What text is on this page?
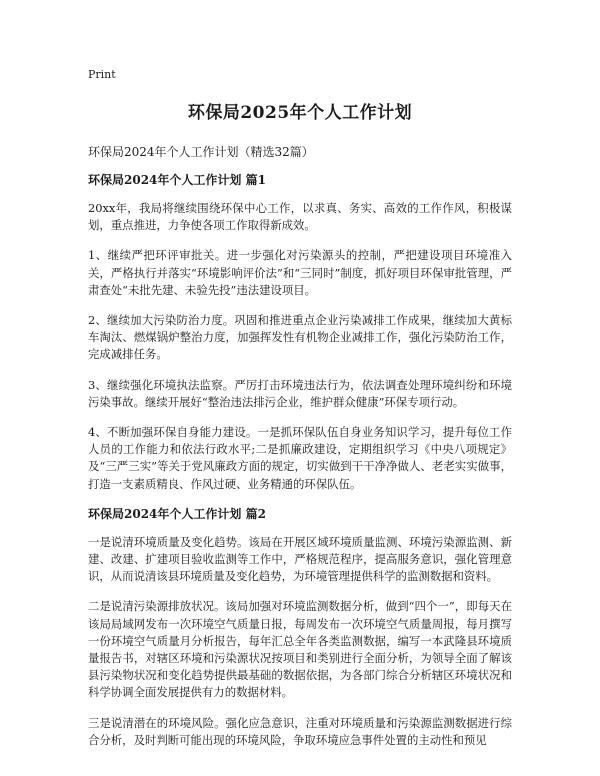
Print
环保局2025年个人工作计划
环保局2024年个人工作计划（精选32篇）
环保局2024年个人工作计划 篇1

20xx年，我局将继续围绕环保中心工作，以求真、务实、高效的工作作风，积极谋划，重点推进，力争使各项工作取得新成效。

1、继续严把环评审批关。进一步强化对污染源头的控制，严把建设项目环境准入关，严格执行并落实“环境影响评价法”和“三同时”制度，抓好项目环保审批管理，严肃查处“未批先建、未验先投”违法建设项目。

2、继续加大污染防治力度。巩固和推进重点企业污染减排工作成果，继续加大黄标车淘汰、燃煤锅炉整治力度，加强挥发性有机物企业减排工作，强化污染防治工作，完成减排任务。

3、继续强化环境执法监察。严厉打击环境违法行为，依法调查处理环境纠纷和环境污染事故。继续开展好“整治违法排污企业，维护群众健康”环保专项行动。

4、不断加强环保自身能力建设。一是抓环保队伍自身业务知识学习，提升每位工作人员的工作能力和依法行政水平;二是抓廉政建设，定期组织学习《中央八项规定》及“三严三实”等关于党风廉政方面的规定，切实做到干干净净做人、老老实实做事，打造一支素质精良、作风过硬、业务精通的环保队伍。

环保局2024年个人工作计划 篇2

一是说清环境质量及变化趋势。该局在开展区域环境质量监测、环境污染源监测、新建、改建、扩建项目验收监测等工作中，严格规范程序，提高服务意识，强化管理意识，从而说清该县环境质量及变化趋势，为环境管理提供科学的监测数据和资料。

二是说清污染源排放状况。该局加强对环境监测数据分析，做到“四个一”，即每天在该局局域网发布一次环境空气质量日报，每周发布一次环境空气质量周报，每月撰写一份环境空气质量月分析报告，每年汇总全年各类监测数据，编写一本武隆县环境质量报告书，对辖区环境和污染源状况按项目和类别进行全面分析，为领导全面了解该县污染物状况和变化趋势提供最基础的数据依据，为各部门综合分析辖区环境状况和科学协调全面发展提供有力的数据材料。

三是说清潜在的环境风险。强化应急意识，注重对环境质量和污染源监测数据进行综合分析，及时判断可能出现的环境风险，争取环境应急事件处置的主动性和预见
